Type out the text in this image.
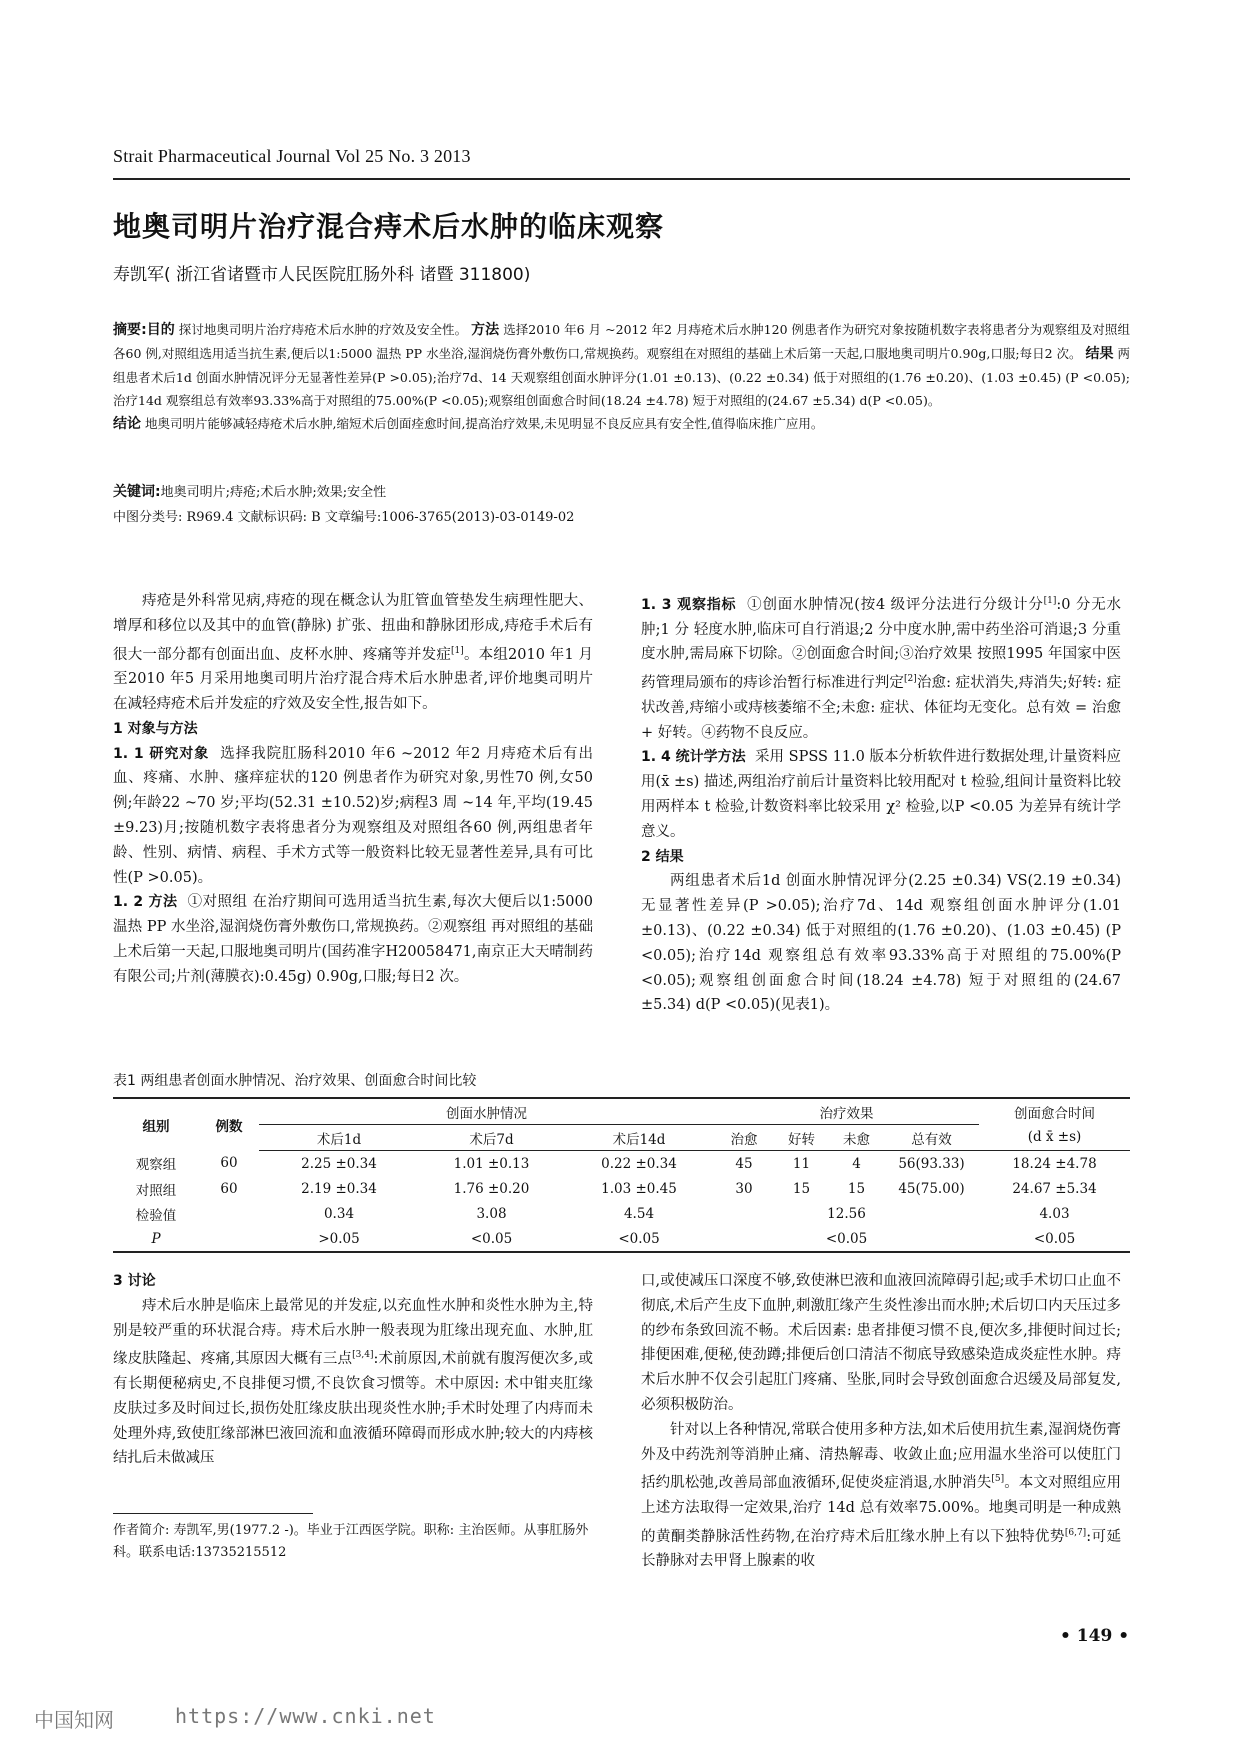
Strait Pharmaceutical Journal Vol 25 No. 3 2013
地奥司明片治疗混合痔术后水肿的临床观察
寿凯军( 浙江省诸暨市人民医院肛肠外科 诸暨 311800)
摘要:目的 探讨地奥司明片治疗痔疮术后水肿的疗效及安全性。 方法 选择2010 年6 月 ~2012 年2 月痔疮术后水肿120 例患者作为研究对象按随机数字表将患者分为观察组及对照组各60 例,对照组选用适当抗生素,便后以1:5000 温热 PP 水坐浴,湿润烧伤膏外敷伤口,常规换药。观察组在对照组的基础上术后第一天起,口服地奥司明片0.90g,口服;每日2 次。 结果 两组患者术后1d 创面水肿情况评分无显著性差异(P >0.05);治疗7d、14 天观察组创面水肿评分(1.01 ±0.13)、(0.22 ±0.34) 低于对照组的(1.76 ±0.20)、(1.03 ±0.45) (P <0.05);治疗14d 观察组总有效率93.33%高于对照组的75.00%(P <0.05);观察组创面愈合时间(18.24 ±4.78) 短于对照组的(24.67 ±5.34) d(P <0.05)。
结论 地奥司明片能够减轻痔疮术后水肿,缩短术后创面痊愈时间,提高治疗效果,未见明显不良反应具有安全性,值得临床推广应用。
关键词:地奥司明片;痔疮;术后水肿;效果;安全性
中图分类号: R969.4 文献标识码: B 文章编号:1006-3765(2013)-03-0149-02

痔疮是外科常见病,痔疮的现在概念认为肛管血管垫发生病理性肥大、增厚和移位以及其中的血管(静脉) 扩张、扭曲和静脉团形成,痔疮手术后有很大一部分都有创面出血、皮杯水肿、疼痛等并发症[1]。本组2010 年1 月至2010 年5 月采用地奥司明片治疗混合痔术后水肿患者,评价地奥司明片在减轻痔疮术后并发症的疗效及安全性,报告如下。

1 对象与方法

1. 1 研究对象 选择我院肛肠科2010 年6 ~2012 年2 月痔疮术后有出血、疼痛、水肿、瘙痒症状的120 例患者作为研究对象,男性70 例,女50 例;年龄22 ~70 岁;平均(52.31 ±10.52)岁;病程3 周 ~14 年,平均(19.45 ±9.23)月;按随机数字表将患者分为观察组及对照组各60 例,两组患者年龄、性别、病情、病程、手术方式等一般资料比较无显著性差异,具有可比性(P >0.05)。

1. 2 方法 ①对照组 在治疗期间可选用适当抗生素,每次大便后以1:5000 温热 PP 水坐浴,湿润烧伤膏外敷伤口,常规换药。②观察组 再对照组的基础上术后第一天起,口服地奥司明片(国药准字H20058471,南京正大天晴制药有限公司;片剂(薄膜衣):0.45g) 0.90g,口服;每日2 次。

1. 3 观察指标 ①创面水肿情况(按4 级评分法进行分级计分[1]:0 分无水肿;1 分 轻度水肿,临床可自行消退;2 分中度水肿,需中药坐浴可消退;3 分重度水肿,需局麻下切除。②创面愈合时间;③治疗效果 按照1995 年国家中医药管理局颁布的痔诊治暂行标准进行判定[2]治愈: 症状消失,痔消失;好转: 症状改善,痔缩小或痔核萎缩不全;未愈: 症状、体征均无变化。总有效 = 治愈 + 好转。④药物不良反应。

1. 4 统计学方法 采用 SPSS 11.0 版本分析软件进行数据处理,计量资料应用(x̄ ±s) 描述,两组治疗前后计量资料比较用配对 t 检验,组间计量资料比较用两样本 t 检验,计数资料率比较采用 χ² 检验,以P <0.05 为差异有统计学意义。

2 结果

两组患者术后1d 创面水肿情况评分(2.25 ±0.34) VS(2.19 ±0.34) 无显著性差异(P >0.05);治疗7d、14d 观察组创面水肿评分(1.01 ±0.13)、(0.22 ±0.34) 低于对照组的(1.76 ±0.20)、(1.03 ±0.45) (P <0.05);治疗14d 观察组总有效率93.33%高于对照组的75.00%(P <0.05);观察组创面愈合时间(18.24 ±4.78) 短于对照组的(24.67 ±5.34) d(P <0.05)(见表1)。

表1 两组患者创面水肿情况、治疗效果、创面愈合时间比较
组别	例数	创面水肿情况			治疗效果				创面愈合时间
		术后1d	术后7d	术后14d	治愈	好转	未愈	总有效	(d x̄ ±s)
观察组	60	2.25 ±0.34	1.01 ±0.13	0.22 ±0.34	45	11	4	56(93.33)	18.24 ±4.78
对照组	60	2.19 ±0.34	1.76 ±0.20	1.03 ±0.45	30	15	15	45(75.00)	24.67 ±5.34
检验值		0.34	3.08	4.54	12.56				4.03
P		>0.05	<0.05	<0.05	<0.05				<0.05

3 讨论

痔术后水肿是临床上最常见的并发症,以充血性水肿和炎性水肿为主,特别是较严重的环状混合痔。痔术后水肿一般表现为肛缘出现充血、水肿,肛缘皮肤隆起、疼痛,其原因大概有三点[3,4]:术前原因,术前就有腹泻便次多,或有长期便秘病史,不良排便习惯,不良饮食习惯等。术中原因: 术中钳夹肛缘皮肤过多及时间过长,损伤处肛缘皮肤出现炎性水肿;手术时处理了内痔而未处理外痔,致使肛缘部淋巴液回流和血液循环障碍而形成水肿;较大的内痔核结扎后未做减压

口,或使减压口深度不够,致使淋巴液和血液回流障碍引起;或手术切口止血不彻底,术后产生皮下血肿,刺激肛缘产生炎性渗出而水肿;术后切口内天压过多的纱布条致回流不畅。术后因素: 患者排便习惯不良,便次多,排便时间过长;排便困难,便秘,使劲蹲;排便后创口清洁不彻底导致感染造成炎症性水肿。痔术后水肿不仅会引起肛门疼痛、坠胀,同时会导致创面愈合迟缓及局部复发,必须积极防治。

针对以上各种情况,常联合使用多种方法,如术后使用抗生素,湿润烧伤膏外及中药洗剂等消肿止痛、清热解毒、收敛止血;应用温水坐浴可以使肛门括约肌松弛,改善局部血液循环,促使炎症消退,水肿消失[5]。本文对照组应用上述方法取得一定效果,治疗 14d 总有效率75.00%。地奥司明是一种成熟的黄酮类静脉活性药物,在治疗痔术后肛缘水肿上有以下独特优势[6,7]:可延长静脉对去甲肾上腺素的收

作者简介: 寿凯军,男(1977.2 -)。毕业于江西医学院。职称: 主治医师。从事肛肠外科。联系电话:13735215512
• 149 •
中国知网	https://www.cnki.net
